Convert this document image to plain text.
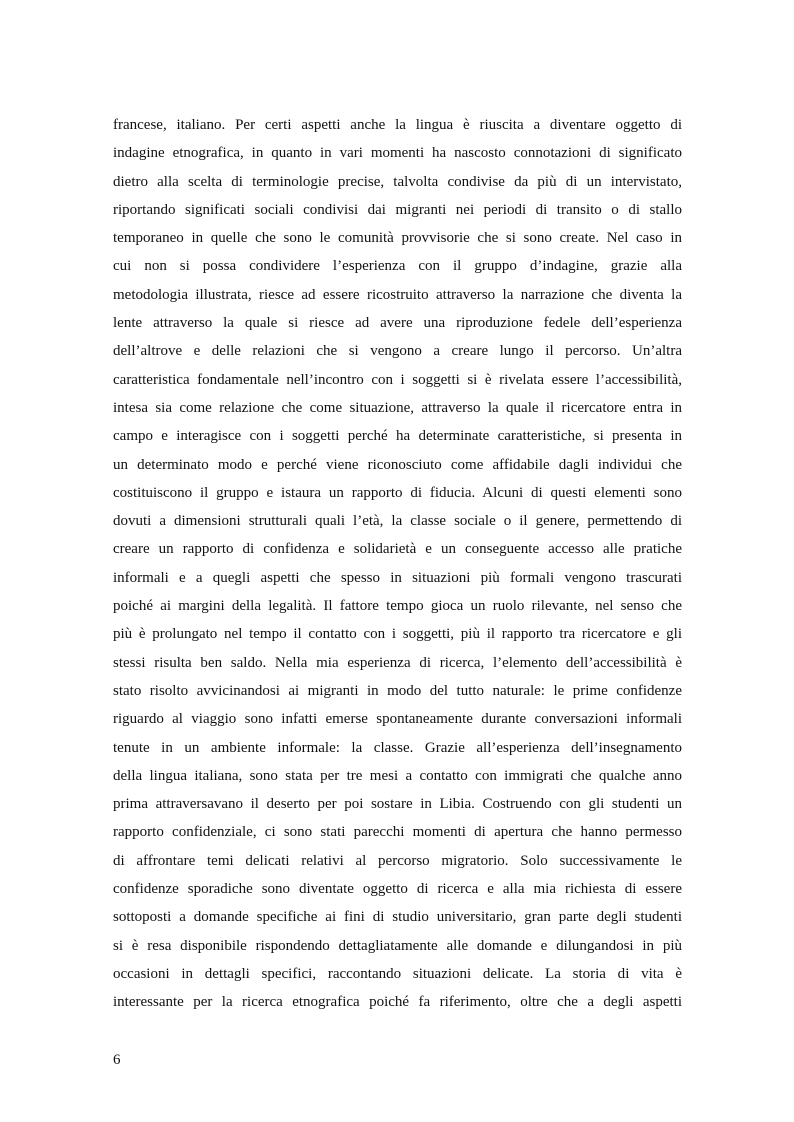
francese, italiano. Per certi aspetti anche la lingua è riuscita a diventare oggetto di
indagine etnografica, in quanto in vari momenti ha nascosto connotazioni di significato
dietro alla scelta di terminologie precise, talvolta condivise da più di un intervistato,
riportando significati sociali condivisi dai migranti nei periodi di transito o di stallo
temporaneo in quelle che sono le comunità provvisorie che si sono create. Nel caso in
cui non si possa condividere l’esperienza con il gruppo d’indagine, grazie alla
metodologia illustrata, riesce ad essere ricostruito attraverso la narrazione che diventa la
lente attraverso la quale si riesce ad avere una riproduzione fedele dell’esperienza
dell’altrove e delle relazioni che si vengono a creare lungo il percorso. Un’altra
caratteristica fondamentale nell’incontro con i soggetti si è rivelata essere l’accessibilità,
intesa sia come relazione che come situazione, attraverso la quale il ricercatore entra in
campo e interagisce con i soggetti perché ha determinate caratteristiche, si presenta in
un determinato modo e perché viene riconosciuto come affidabile dagli individui che
costituiscono il gruppo e istaura un rapporto di fiducia. Alcuni di questi elementi sono
dovuti a dimensioni strutturali quali l’età, la classe sociale o il genere, permettendo di
creare un rapporto di confidenza e solidarietà e un conseguente accesso alle pratiche
informali e a quegli aspetti che spesso in situazioni più formali vengono trascurati
poiché ai margini della legalità. Il fattore tempo gioca un ruolo rilevante, nel senso che
più è prolungato nel tempo il contatto con i soggetti, più il rapporto tra ricercatore e gli
stessi risulta ben saldo. Nella mia esperienza di ricerca, l’elemento dell’accessibilità è
stato risolto avvicinandosi ai migranti in modo del tutto naturale: le prime confidenze
riguardo al viaggio sono infatti emerse spontaneamente durante conversazioni informali
tenute in un ambiente informale: la classe. Grazie all’esperienza dell’insegnamento
della lingua italiana, sono stata per tre mesi a contatto con immigrati che qualche anno
prima attraversavano il deserto per poi sostare in Libia. Costruendo con gli studenti un
rapporto confidenziale, ci sono stati parecchi momenti di apertura che hanno permesso
di affrontare temi delicati relativi al percorso migratorio. Solo successivamente le
confidenze sporadiche sono diventate oggetto di ricerca e alla mia richiesta di essere
sottoposti a domande specifiche ai fini di studio universitario, gran parte degli studenti
si è resa disponibile rispondendo dettagliatamente alle domande e dilungandosi in più
occasioni in dettagli specifici, raccontando situazioni delicate. La storia di vita è
interessante per la ricerca etnografica poiché fa riferimento, oltre che a degli aspetti
6
